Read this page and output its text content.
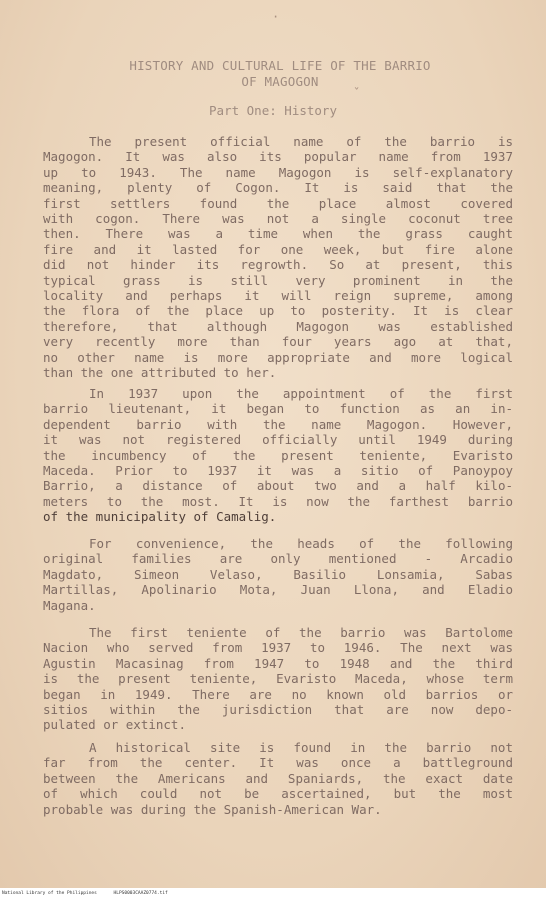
·
ˇ
HISTORY AND CULTURAL LIFE OF THE BARRIO
OF MAGOGON
Part One: History
The present official name of the barrio is
Magogon. It was also its popular name from 1937
up to 1943. The name Magogon is self-explanatory
meaning, plenty of Cogon. It is said that the
first settlers found the place almost covered
with cogon. There was not a single coconut tree
then. There was a time when the grass caught
fire and it lasted for one week, but fire alone
did not hinder its regrowth. So at present, this
typical grass is still very prominent in the
locality and perhaps it will reign supreme, among
the flora of the place up to posterity. It is clear
therefore, that although Magogon was established
very recently more than four years ago at that,
no other name is more appropriate and more logical
than the one attributed to her.
In 1937 upon the appointment of the first
barrio lieutenant, it began to function as an in-
dependent barrio with the name Magogon. However,
it was not registered officially until 1949 during
the incumbency of the present teniente, Evaristo
Maceda. Prior to 1937 it was a sitio of Panoypoy
Barrio, a distance of about two and a half kilo-
meters to the most. It is now the farthest barrio
of the municipality of Camalig.
For convenience, the heads of the following
original families are only mentioned - Arcadio
Magdato, Simeon Velaso, Basilio Lonsamia, Sabas
Martillas, Apolinario Mota, Juan Llona, and Eladio
Magana.
The first teniente of the barrio was Bartolome
Nacion who served from 1937 to 1946. The next was
Agustin Macasinag from 1947 to 1948 and the third
is the present teniente, Evaristo Maceda, whose term
began in 1949. There are no known old barrios or
sitios within the jurisdiction that are now depo-
pulated or extinct.
A historical site is found in the barrio not
far from the center. It was once a battleground
between the Americans and Spaniards, the exact date
of which could not be ascertained, but the most
probable was during the Spanish-American War.
National Library of the Philippines	HLPS0003CAAZ0774.tif
